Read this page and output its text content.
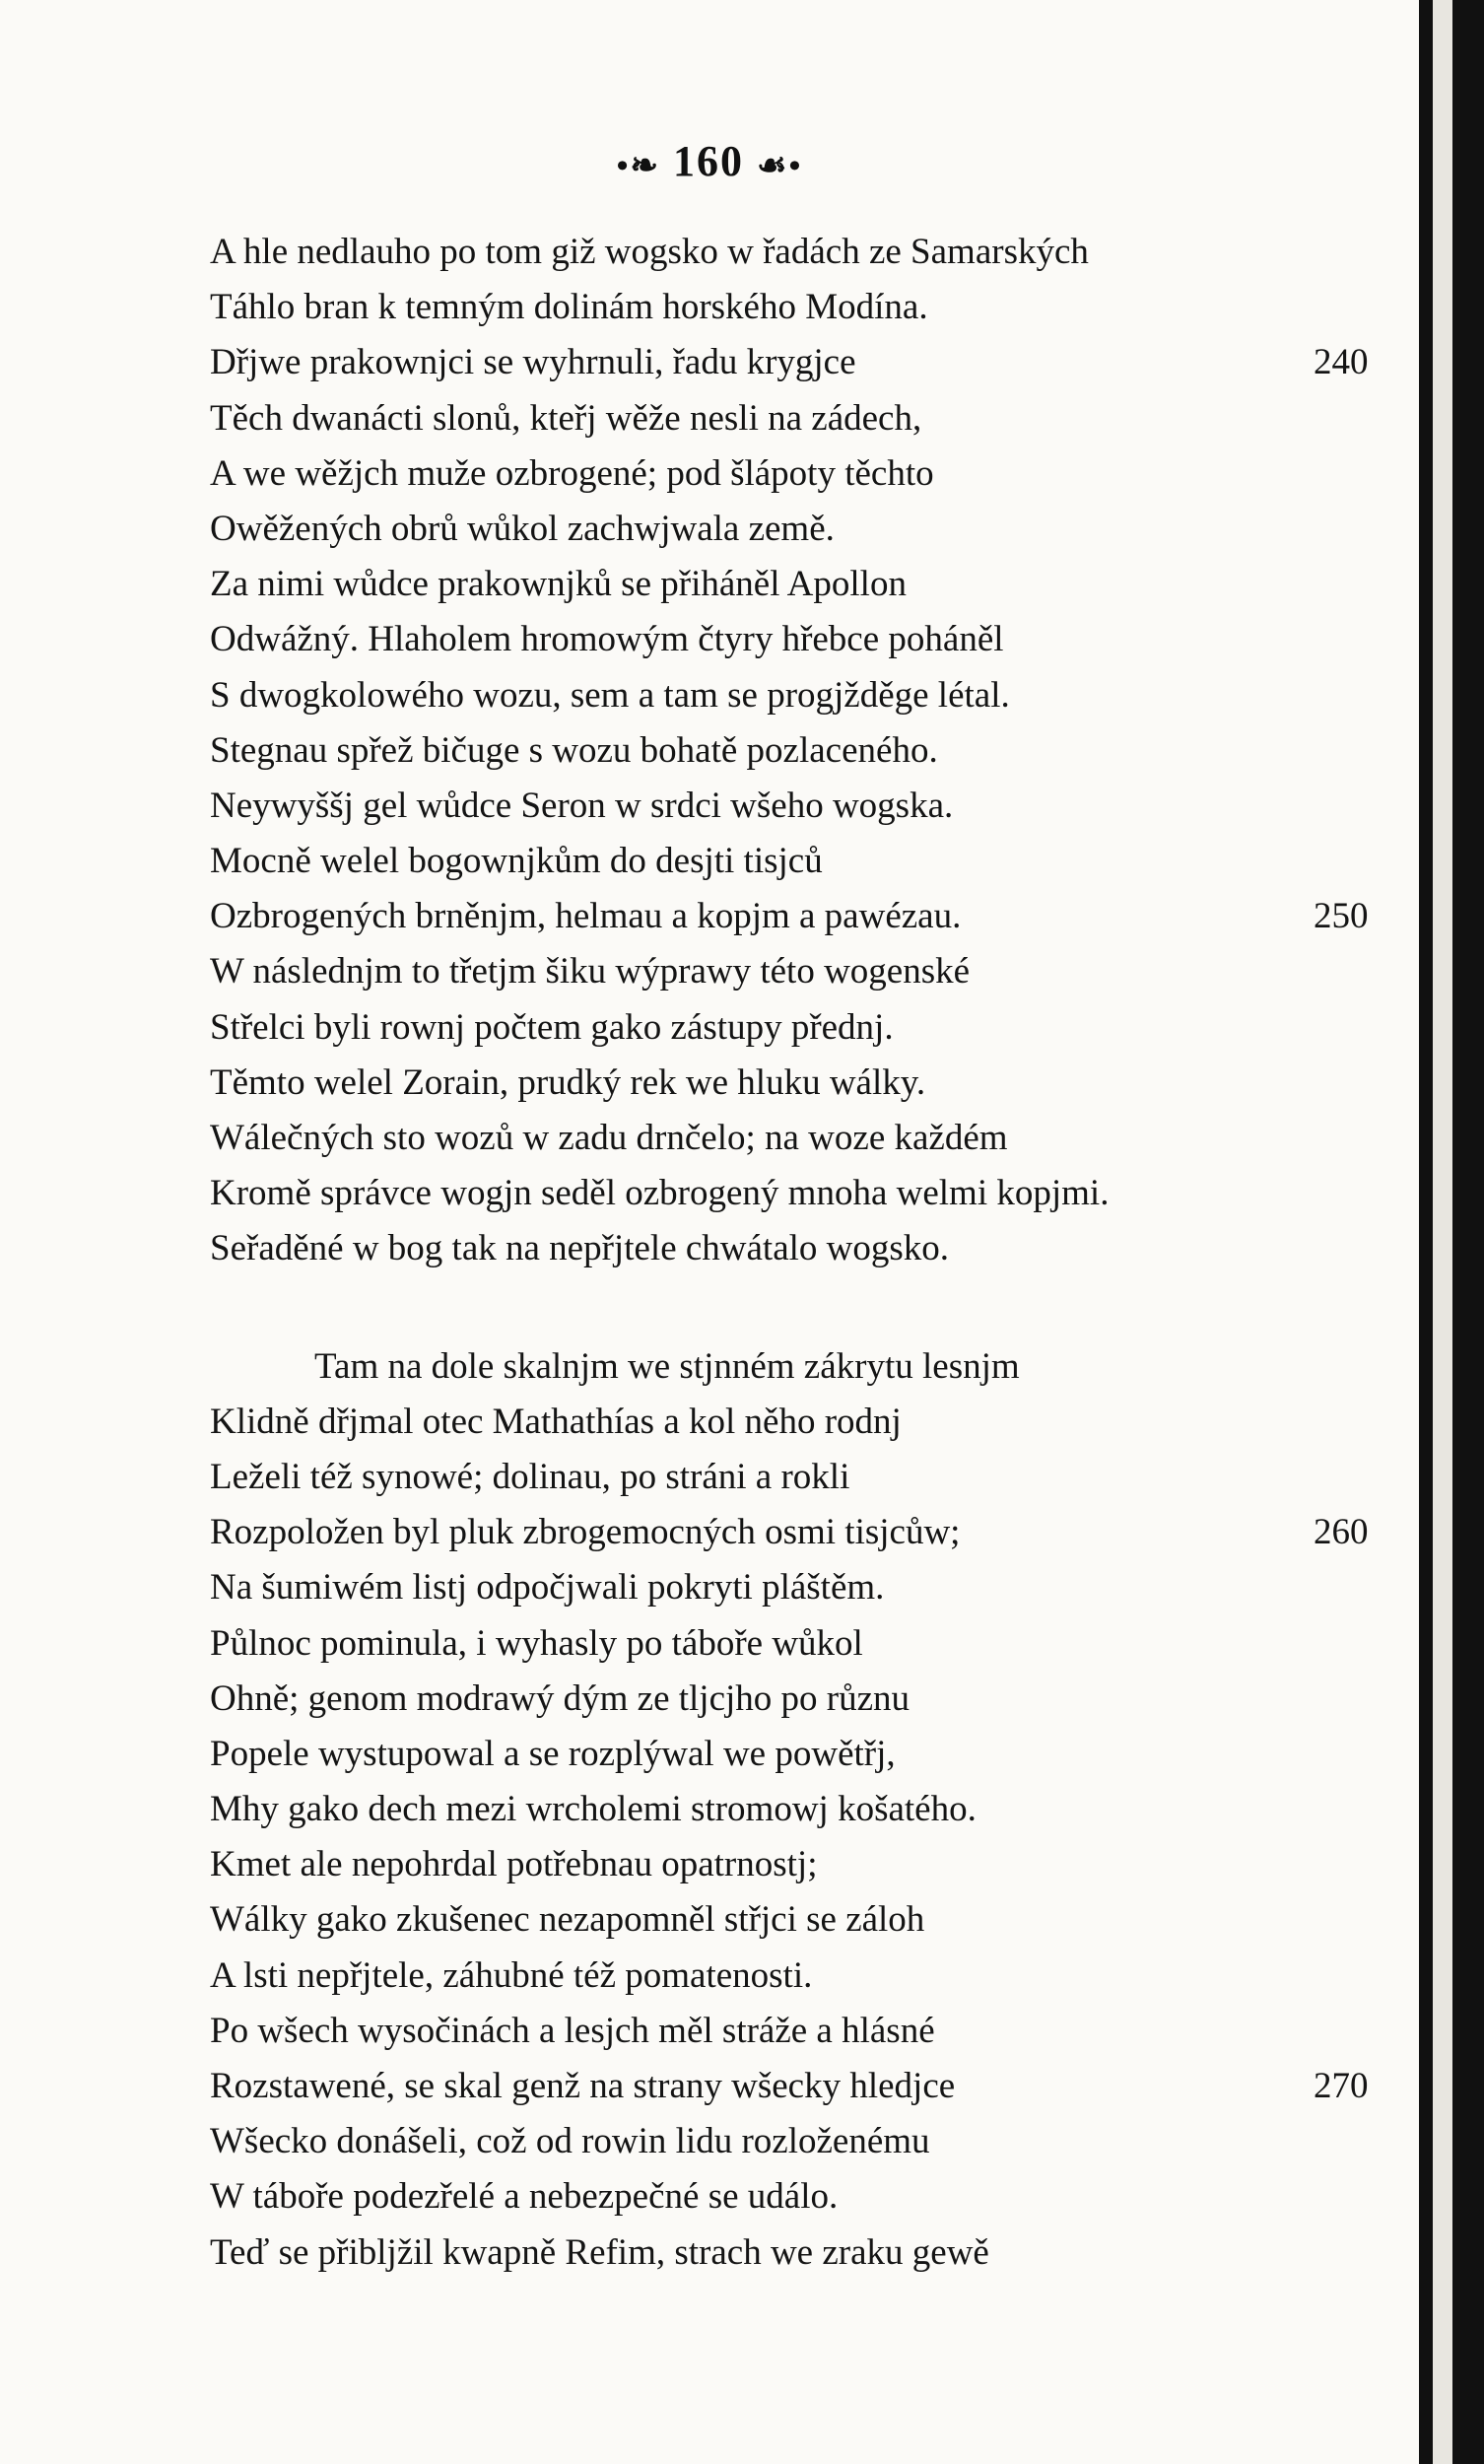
•❧ 160 ☙•
A hle nedlauho po tom giž wogsko w řadách ze Samarských
Táhlo bran k temným dolinám horského Modína.
Dřjwe prakownjci se wyhrnuli, řadu krygjce	240
Těch dwanácti slonů, kteřj wěže nesli na zádech,
A we wěžjch muže ozbrogené; pod šlápoty těchto
Owěžených obrů wůkol zachwjwala země.
Za nimi wůdce prakownjků se přiháněl Apollon
Odwážný. Hlaholem hromowým čtyry hřebce poháněl
S dwogkolowého wozu, sem a tam se progjžděge létal.
Stegnau spřež bičuge s wozu bohatě pozlaceného.
Neywyššj gel wůdce Seron w srdci wšeho wogska.
Mocně welel bogownjkům do desjti tisjců
Ozbrogených brněnjm, helmau a kopjm a pawézau.	250
W následnjm to třetjm šiku wýprawy této wogenské
Střelci byli rownj počtem gako zástupy přednj.
Těmto welel Zorain, prudký rek we hluku wálky.
Wálečných sto wozů w zadu drnčelo; na woze každém
Kromě správce wogjn seděl ozbrogený mnoha welmi kopjmi.
Seřaděné w bog tak na nepřjtele chwátalo wogsko.
Tam na dole skalnjm we stjnném zákrytu lesnjm
Klidně dřjmal otec Mathathías a kol něho rodnj
Leželi též synowé; dolinau, po stráni a rokli
Rozpoložen byl pluk zbrogemocných osmi tisjcůw;	260
Na šumiwém listj odpočjwali pokryti pláštěm.
Půlnoc pominula, i wyhasly po táboře wůkol
Ohně; genom modrawý dým ze tljcjho po různu
Popele wystupowal a se rozplýwal we powětřj,
Mhy gako dech mezi wrcholemi stromowj košatého.
Kmet ale nepohrdal potřebnau opatrnostj;
Wálky gako zkušenec nezapomněl střjci se záloh
A lsti nepřjtele, záhubné též pomatenosti.
Po wšech wysočinách a lesjch měl stráže a hlásné
Rozstawené, se skal genž na strany wšecky hledjce	270
Wšecko donášeli, což od rowin lidu rozloženému
W táboře podezřelé a nebezpečné se událo.
Teď se přiblјžil kwapně Refim, strach we zraku gewě
